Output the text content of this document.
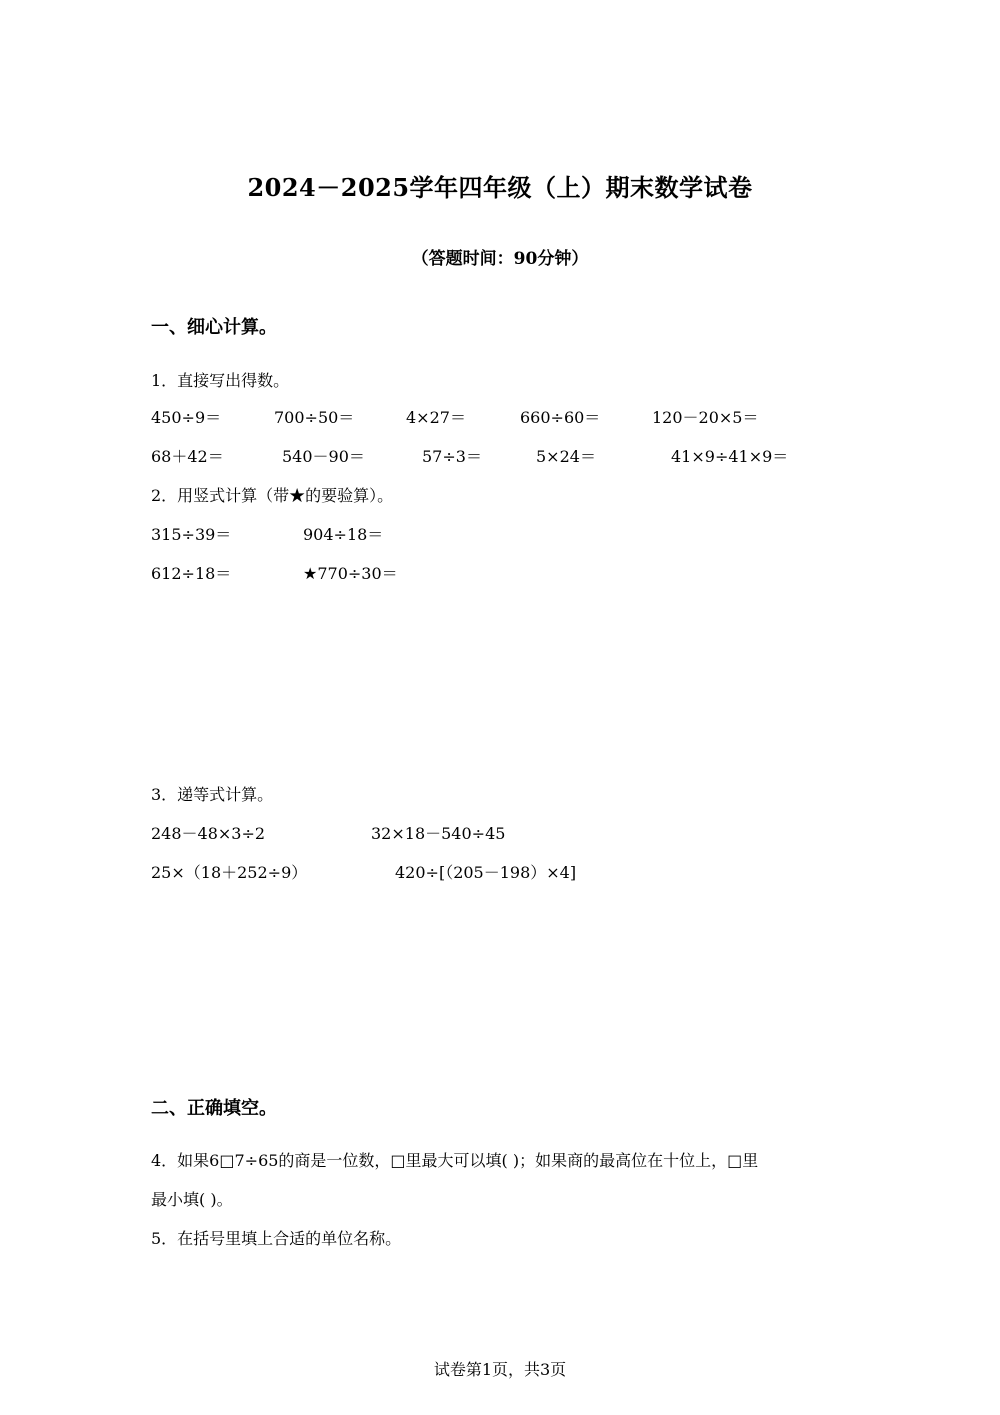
2024－2025学年四年级（上）期末数学试卷
（答题时间：90分钟）
一、细心计算。
1．直接写出得数。
450÷9＝	700÷50＝	4×27＝	660÷60＝	120－20×5＝
68＋42＝	540－90＝	57÷3＝	5×24＝	41×9÷41×9＝
2．用竖式计算（带★的要验算）。
315÷39＝	904÷18＝
612÷18＝	★770÷30＝
3．递等式计算。
248－48×3÷2	32×18－540÷45
25×（18＋252÷9）	420÷[（205－198）×4]
二、正确填空。
4．如果6□7÷65的商是一位数，□里最大可以填( )；如果商的最高位在十位上，□里
最小填( )。
5．在括号里填上合适的单位名称。
试卷第1页，共3页
